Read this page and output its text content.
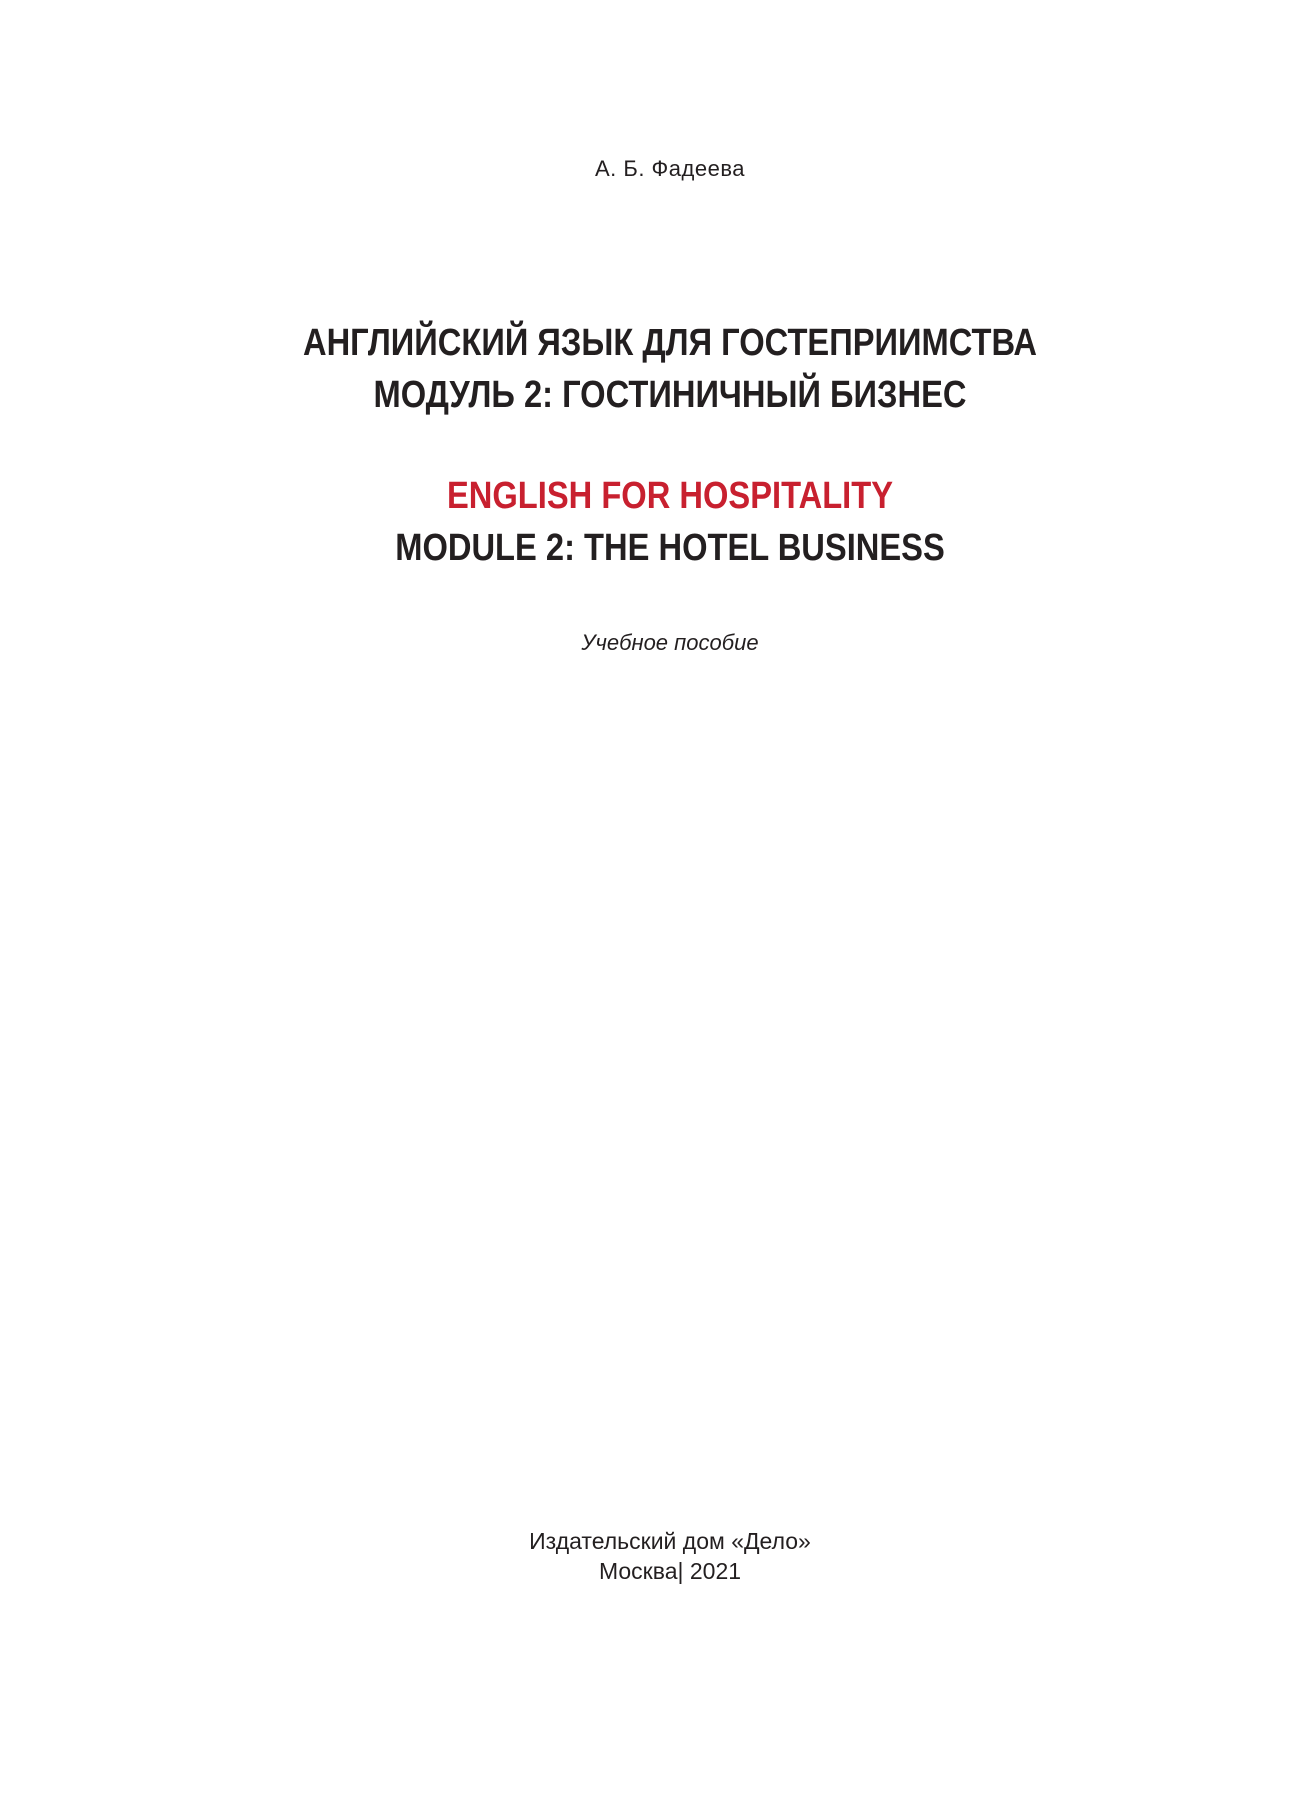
А. Б. Фадеева
АНГЛИЙСКИЙ ЯЗЫК ДЛЯ ГОСТЕПРИИМСТВА
МОДУЛЬ 2: ГОСТИНИЧНЫЙ БИЗНЕС
ENGLISH FOR HOSPITALITY
MODULE 2: THE HOTEL BUSINESS
Учебное пособие
Издательский дом «Дело»
Москва| 2021
